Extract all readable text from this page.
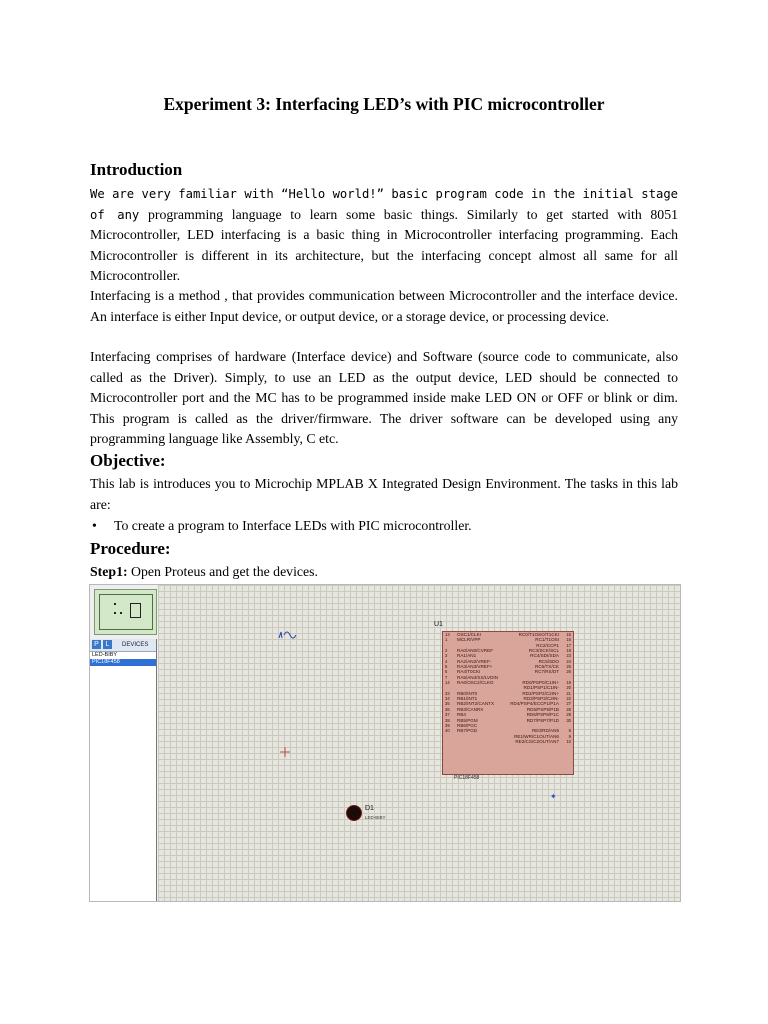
Experiment 3: Interfacing LED’s with PIC microcontroller
Introduction

We are very familiar with “Hello world!” basic program code in the initial stage of any programming language to learn some basic things. Similarly to get started with 8051 Microcontroller, LED interfacing is a basic thing in Microcontroller interfacing programming. Each Microcontroller is different in its architecture, but the interfacing concept almost all same for all Microcontroller.

Interfacing is a method , that provides communication between Microcontroller and the interface device. An interface is either Input device, or output device, or a storage device, or processing device.

Interfacing comprises of hardware (Interface device) and Software (source code to communicate, also called as the Driver). Simply, to use an LED as the output device, LED should be connected to Microcontroller port and the MC has to be programmed inside make LED ON or OFF or blink or dim. This program is called as the driver/firmware. The driver software can be developed using any programming language like Assembly, C etc.

Objective:

This lab is introduces you to Microchip MPLAB X Integrated Design Environment. The tasks in this lab are:

• To create a program to Interface LEDs with PIC microcontroller.
Procedure:
Step1: Open Proteus and get the devices.
P L	DEVICES
LED-BIBY
PIC18F458
U1
13
1

2
3
4
5
6
7
14

33
34
35
36
37
38
39
40
OSC1/CLKI
MCLR/VPP

RA0/AN0/CVREF
RA1/AN1
RA2/AN2/VREF-
RA3/AN3/VREF+
RA4/T0CKI
RA5/AN4/SS/LVDIN
RA6/OSC2/CLKO

RB0/INT0
RB1/INT1
RB2/INT2/CANTX
RB3/CANRX
RB4
RB5/PGM
RB6/PGC
RB7/PGD
RC0/T1OSO/T1CKI
RC1/T1OSI
RC2/CCP1
RC3/SCK/SCL
RC4/SDI/SDA
RC5/SDO
RC6/TX/CK
RC7/RX/DT

RD0/PSP0/C1IN+
RD1/PSP1/C1IN-
RD2/PSP2/C2IN+
RD3/PSP3/C2IN-
RD4/PSP4/ECCP1/P1A
RD5/PSP5/P1B
RD6/PSP6/P1C
RD7/PSP7/P1D

RE0/RD/AN5
RE1/WR/C1OUT/AN6
RE2/CS/C2OUT/AN7
15
16
17
18
23
24
25
26

19
20
21
22
27
28
29
30

8
9
10
PIC18F458
✦
D1
LED-BIBY
